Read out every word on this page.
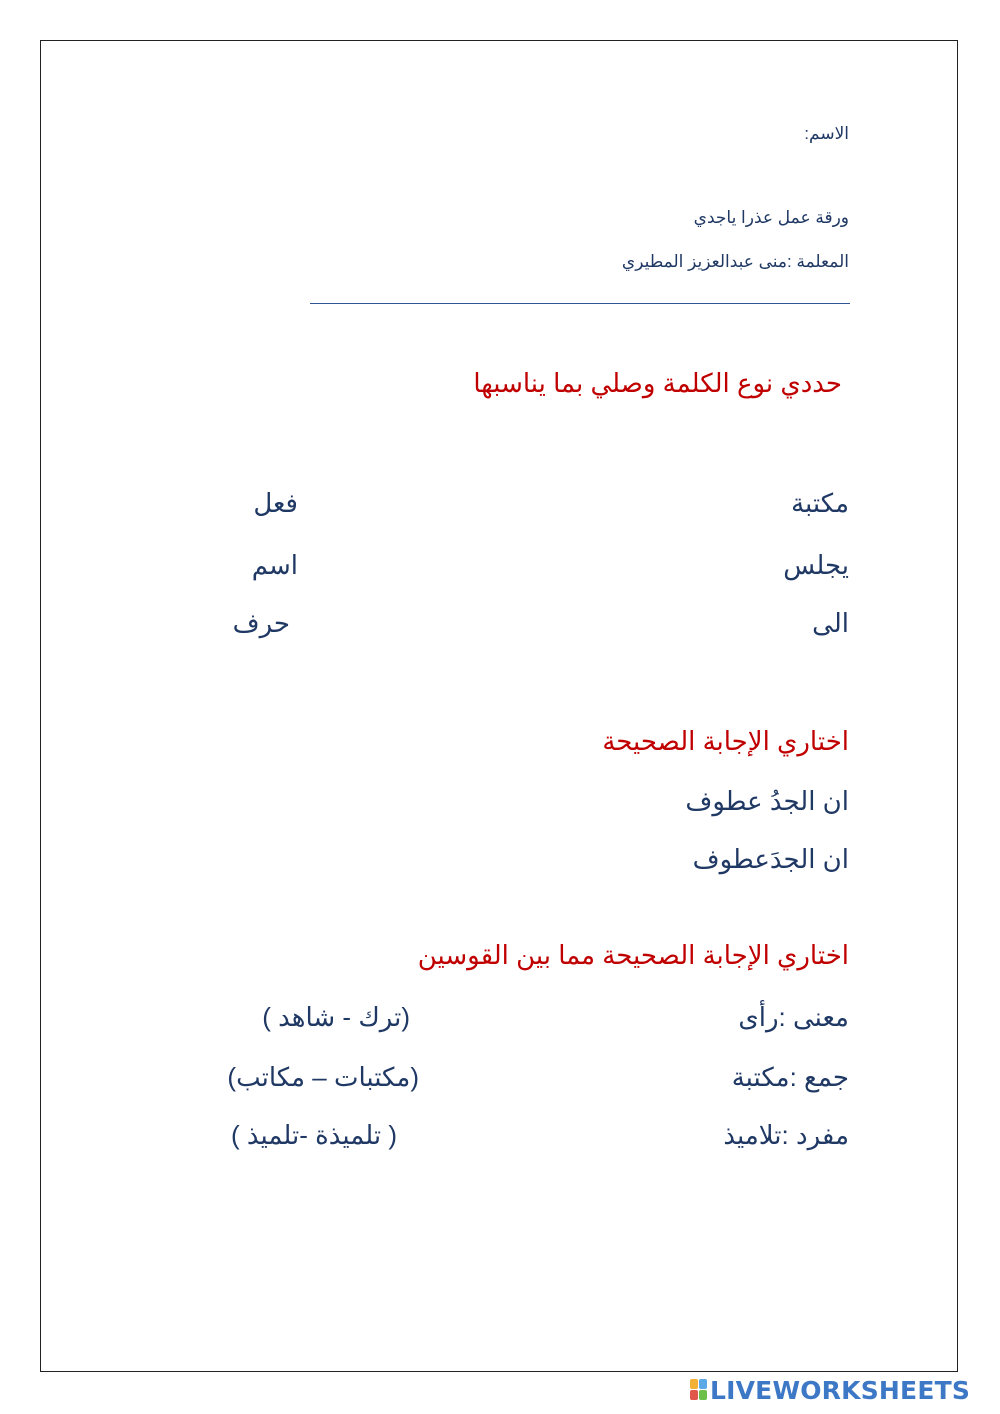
الاسم:
ورقة عمل عذرا ياجدي
المعلمة :منى عبدالعزيز المطيري
حددي نوع الكلمة وصلي بما يناسبها
مكتبة
يجلس
الى
فعل
اسم
حرف
اختاري الإجابة الصحيحة
ان الجدُ عطوف
ان الجدَعطوف
اختاري الإجابة الصحيحة مما بين القوسين
معنى :رأى
(ترك - شاهد )
جمع :مكتبة
(مكتبات – مكاتب)
مفرد :تلاميذ
( تلميذة -تلميذ )
LIVEWORKSHEETS
